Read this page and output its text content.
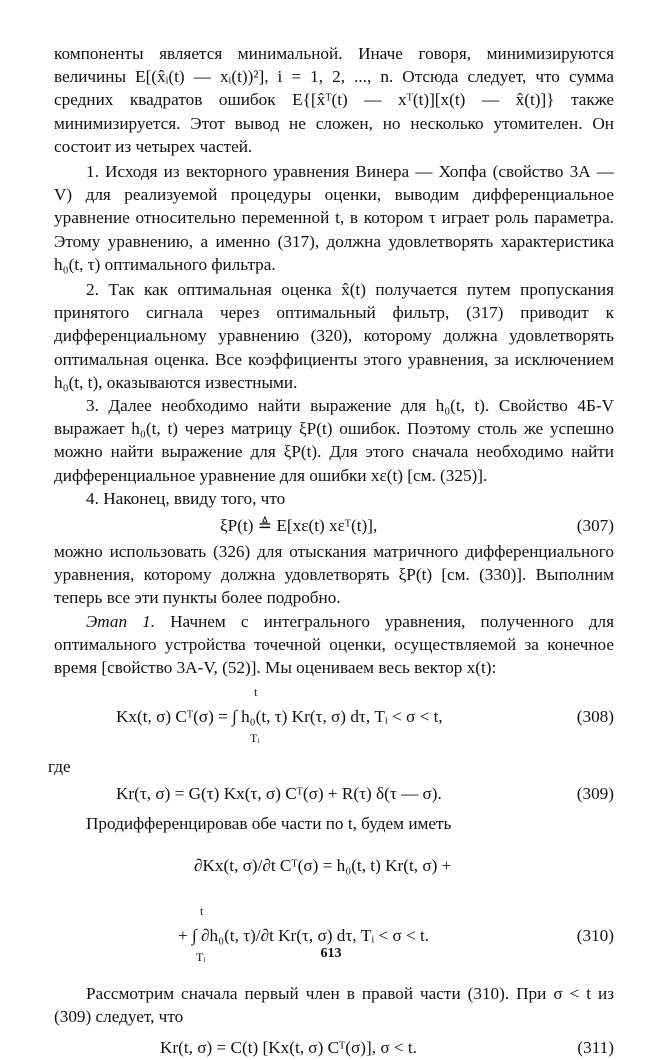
компоненты является минимальной. Иначе говоря, минимизируются величины E[(x̂ᵢ(t) — xᵢ(t))²], i = 1, 2, ..., n. Отсюда следует, что сумма средних квадратов ошибок E{[x̂ᵀ(t) — xᵀ(t)][x(t) — x̂(t)]} также минимизируется. Этот вывод не сложен, но несколько утомителен. Он состоит из четырех частей.

1. Исходя из векторного уравнения Винера — Хопфа (свойство 3А — V) для реализуемой процедуры оценки, выводим дифференциальное уравнение относительно переменной t, в котором τ играет роль параметра. Этому уравнению, а именно (317), должна удовлетворять характеристика h₀(t, τ) оптимального фильтра.

2. Так как оптимальная оценка x̂(t) получается путем пропускания принятого сигнала через оптимальный фильтр, (317) приводит к дифференциальному уравнению (320), которому должна удовлетворять оптимальная оценка. Все коэффициенты этого уравнения, за исключением h₀(t, t), оказываются известными.

3. Далее необходимо найти выражение для h₀(t, t). Свойство 4Б-V выражает h₀(t, t) через матрицу ξP(t) ошибок. Поэтому столь же успешно можно найти выражение для ξP(t). Для этого сначала необходимо найти дифференциальное уравнение для ошибки xε(t) [см. (325)].

4. Наконец, ввиду того, что

ξP(t) ≜ E[xε(t) xεᵀ(t)],	(307)

можно использовать (326) для отыскания матричного дифференциального уравнения, которому должна удовлетворять ξP(t) [см. (330)]. Выполним теперь все эти пункты более подробно.

Этап 1. Начнем с интегрального уравнения, полученного для оптимального устройства точечной оценки, осуществляемой за конечное время [свойство 3А-V, (52)]. Мы оцениваем весь вектор x(t):

Kx(t, σ) Cᵀ(σ) = ∫ h₀(t, τ) Kr(τ, σ) dτ, Tᵢ < σ < t,
t
Tᵢ
(308)

где

Kr(τ, σ) = G(τ) Kx(τ, σ) Cᵀ(σ) + R(τ) δ(τ — σ).	(309)

Продифференцировав обе части по t, будем иметь

∂Kx(t, σ)/∂t Cᵀ(σ) = h₀(t, t) Kr(t, σ) +
+ ∫ ∂h₀(t, τ)/∂t Kr(τ, σ) dτ, Tᵢ < σ < t.
t
Tᵢ
(310)

Рассмотрим сначала первый член в правой части (310). При σ < t из (309) следует, что

Kr(t, σ) = C(t) [Kx(t, σ) Cᵀ(σ)], σ < t.	(311)
613
